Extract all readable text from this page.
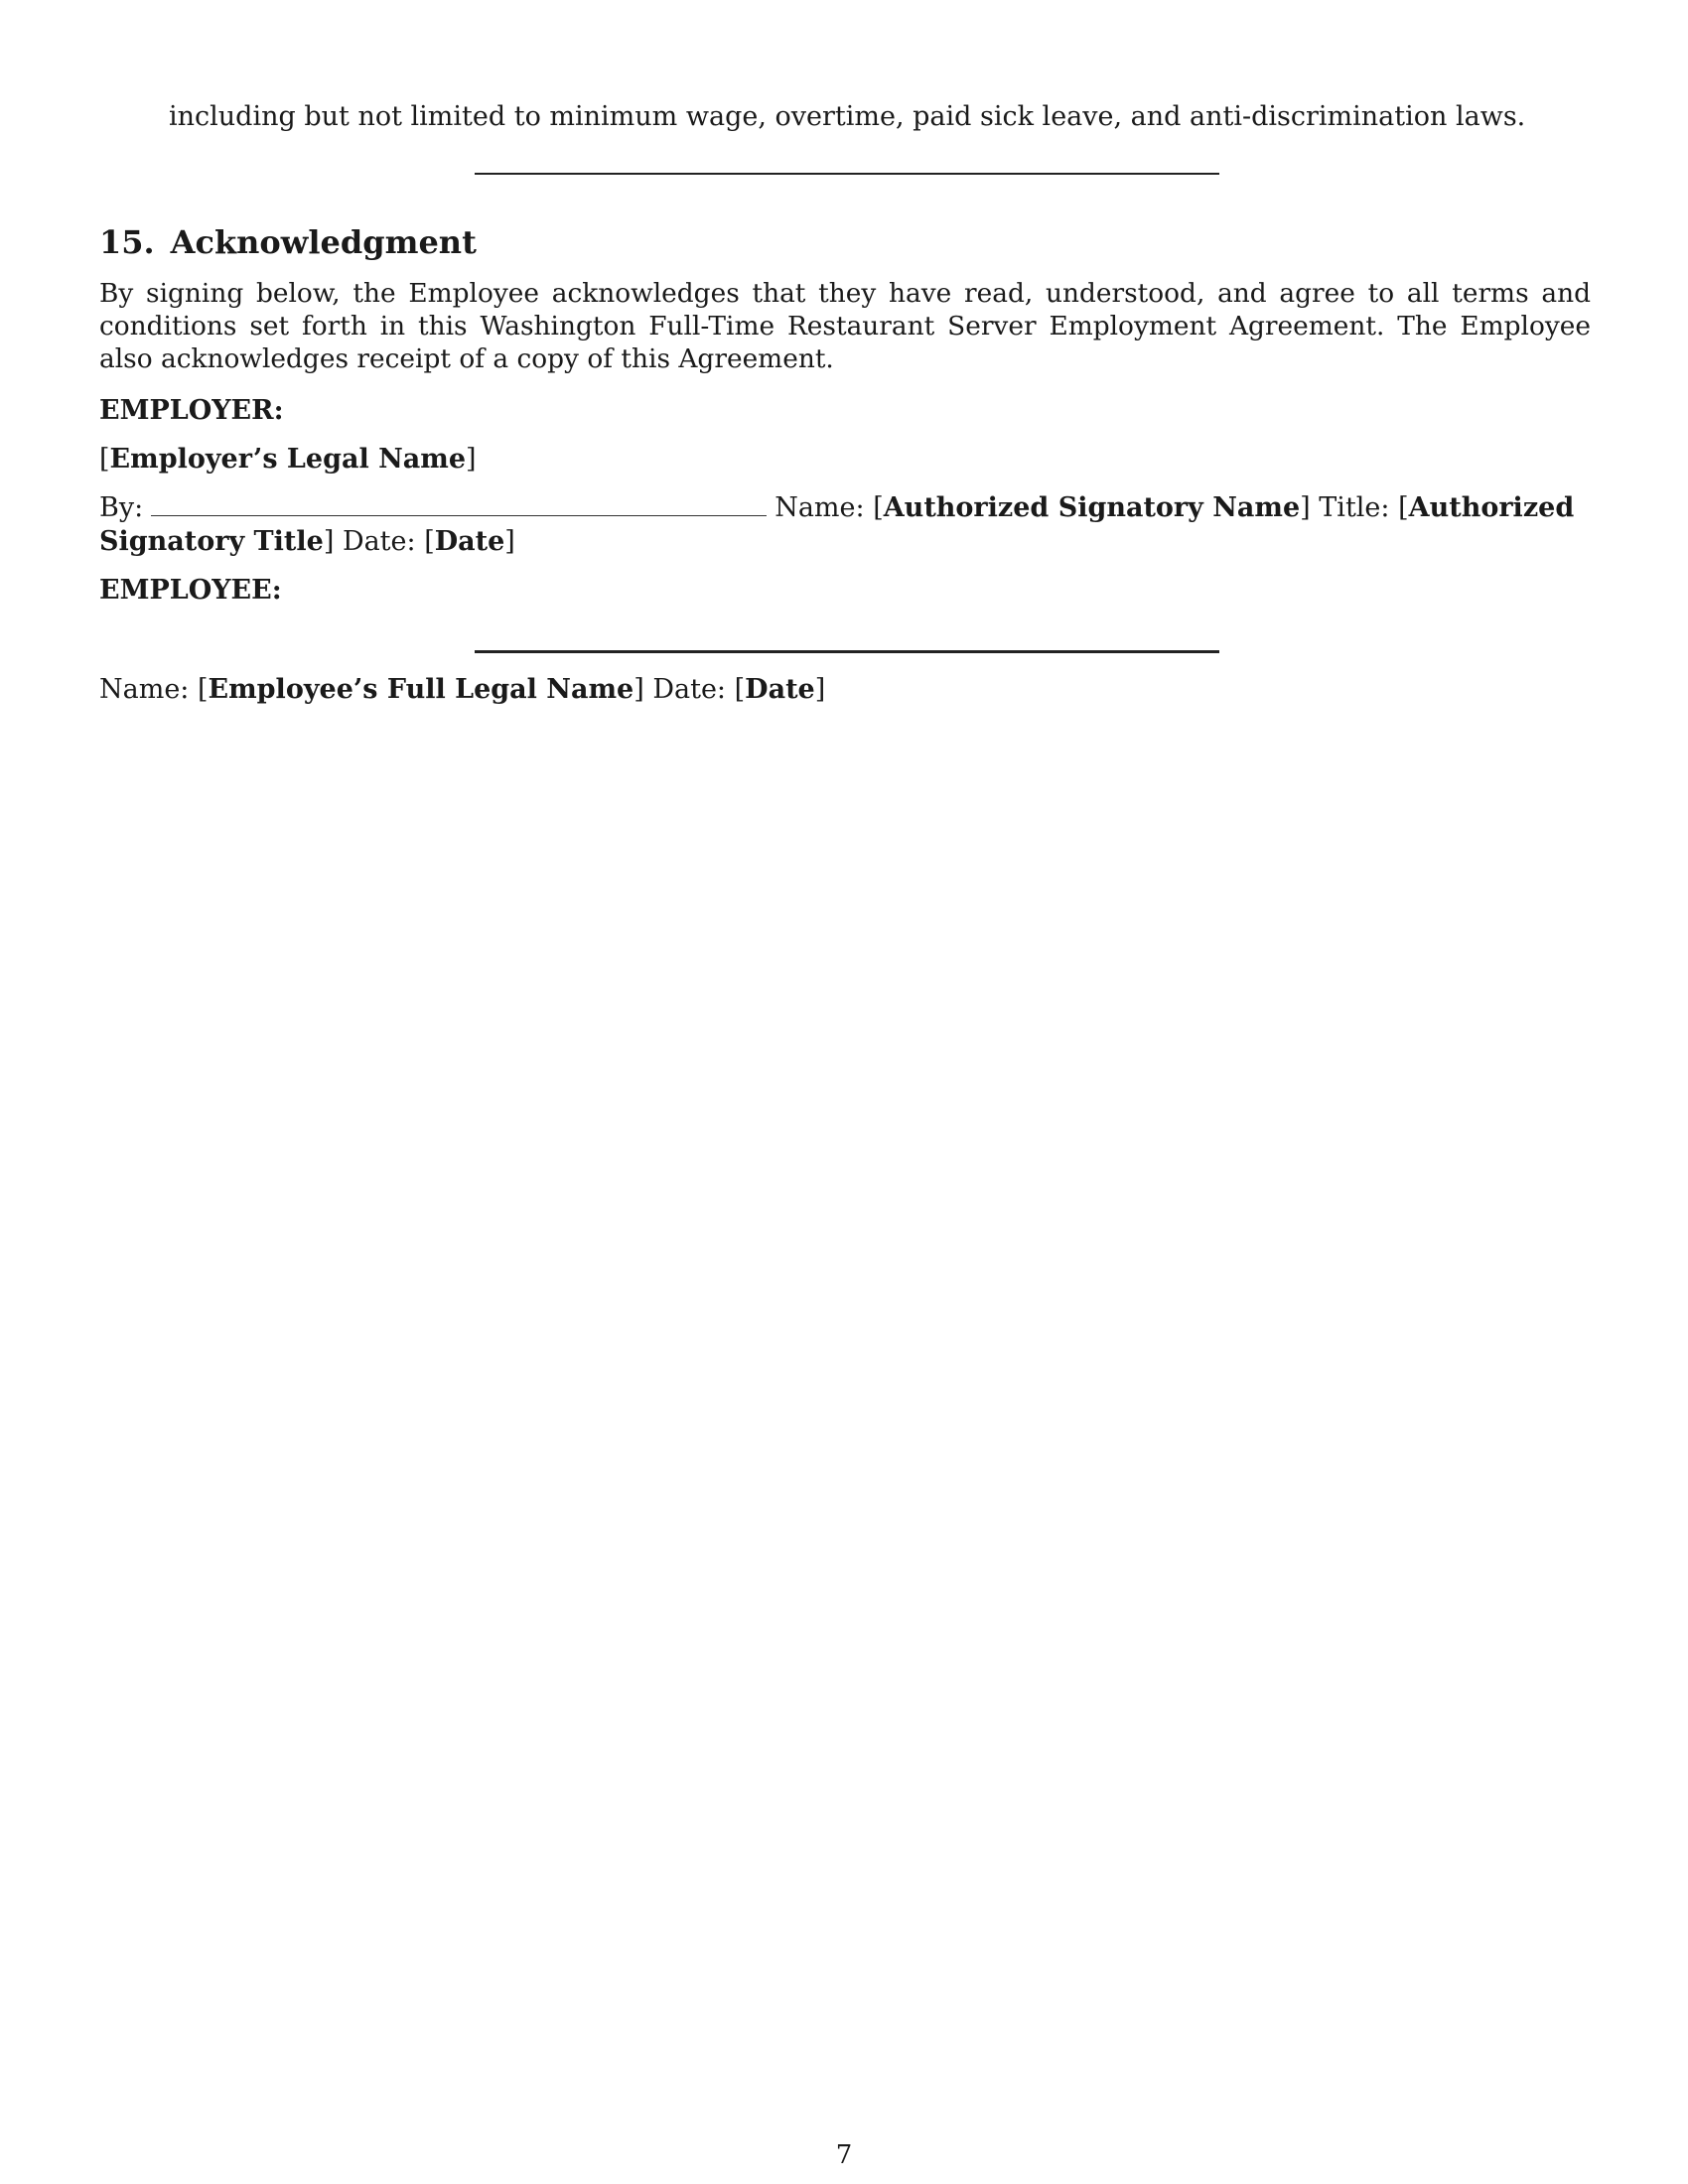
including but not limited to minimum wage, overtime, paid sick leave, and anti-discrimination laws.
15. Acknowledgment
By signing below, the Employee acknowledges that they have read, understood, and agree to all terms and conditions set forth in this Washington Full-Time Restaurant Server Employment Agreement. The Employee also acknowledges receipt of a copy of this Agreement.
EMPLOYER:
[Employer’s Legal Name]
By:	Name: [Authorized Signatory Name] Title: [Authorized Signatory Title] Date: [Date]
EMPLOYEE:
Name: [Employee’s Full Legal Name] Date: [Date]
7
